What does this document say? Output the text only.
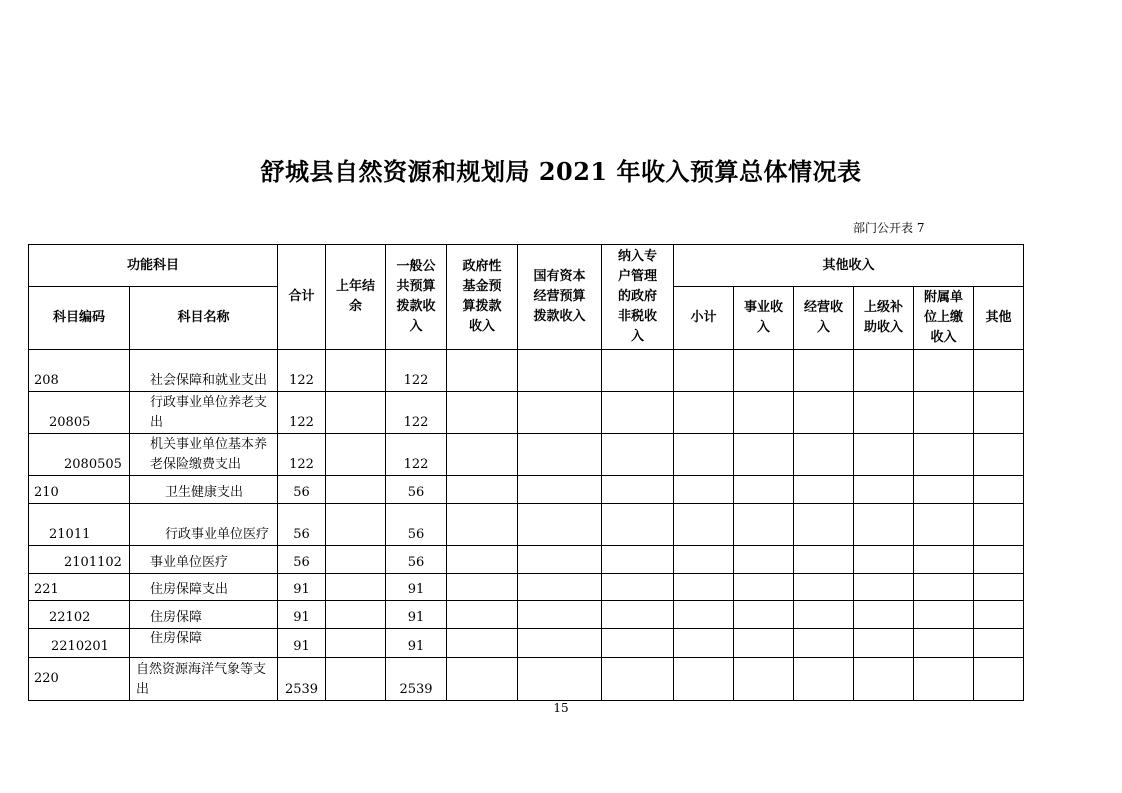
舒城县自然资源和规划局 2021 年收入预算总体情况表
部门公开表 7
功能科目		合计	上年结余	一般公共预算拨款收入	政府性基金预算拨款收入	国有资本经营预算拨款收入	纳入专户管理的政府非税收入	其他收入					
科目编码	科目名称							小计	事业收入	经营收入	上级补助收入	附属单位上缴收入	其他
208	社会保障和就业支出	122		122									
20805	行政事业单位养老支出	122		122									
2080505	机关事业单位基本养老保险缴费支出	122		122									
210	卫生健康支出	56		56									
21011	行政事业单位医疗	56		56									
2101102	事业单位医疗	56		56									
221	住房保障支出	91		91									
22102	住房保障	91		91									
2210201	住房保障	91		91									
220	自然资源海洋气象等支出	2539		2539									
15
